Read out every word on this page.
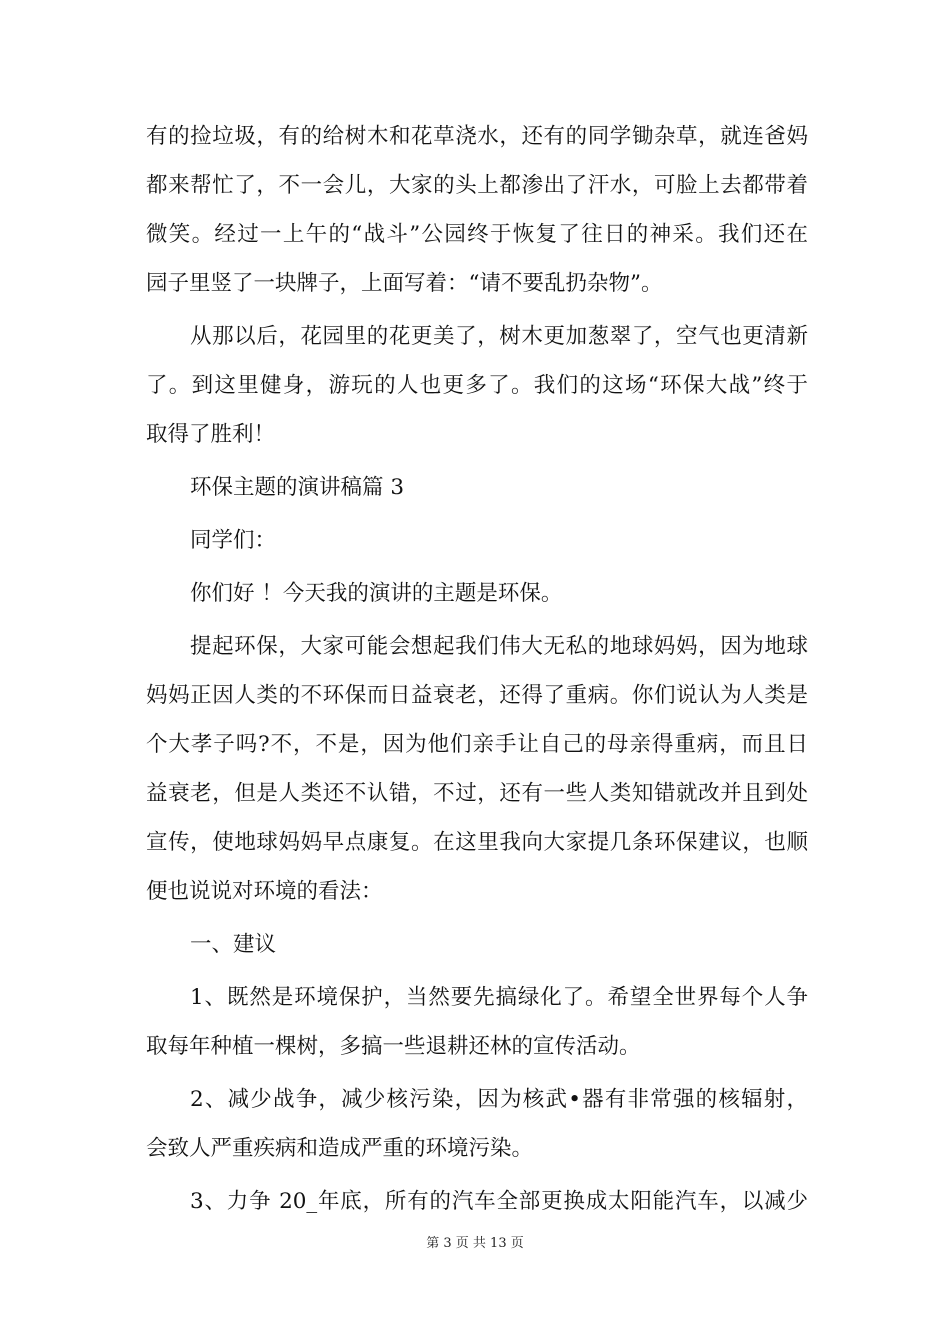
有的捡垃圾，有的给树木和花草浇水，还有的同学锄杂草，就连爸妈
都来帮忙了，不一会儿，大家的头上都渗出了汗水，可脸上去都带着
微笑。经过一上午的“战斗”公园终于恢复了往日的神采。我们还在
园子里竖了一块牌子，上面写着：“请不要乱扔杂物”。
从那以后，花园里的花更美了，树木更加葱翠了，空气也更清新
了。到这里健身，游玩的人也更多了。我们的这场“环保大战”终于
取得了胜利！
环保主题的演讲稿篇 3
同学们：
你们好 ！今天我的演讲的主题是环保。
提起环保，大家可能会想起我们伟大无私的地球妈妈，因为地球
妈妈正因人类的不环保而日益衰老，还得了重病。你们说认为人类是
个大孝子吗?不，不是，因为他们亲手让自己的母亲得重病，而且日
益衰老，但是人类还不认错，不过，还有一些人类知错就改并且到处
宣传，使地球妈妈早点康复。在这里我向大家提几条环保建议，也顺
便也说说对环境的看法：
一、建议
1、既然是环境保护，当然要先搞绿化了。希望全世界每个人争
取每年种植一棵树，多搞一些退耕还林的宣传活动。
2、减少战争，减少核污染，因为核武•器有非常强的核辐射，
会致人严重疾病和造成严重的环境污染。
3、力争 20_年底，所有的汽车全部更换成太阳能汽车，以减少
第 3 页 共 13 页
